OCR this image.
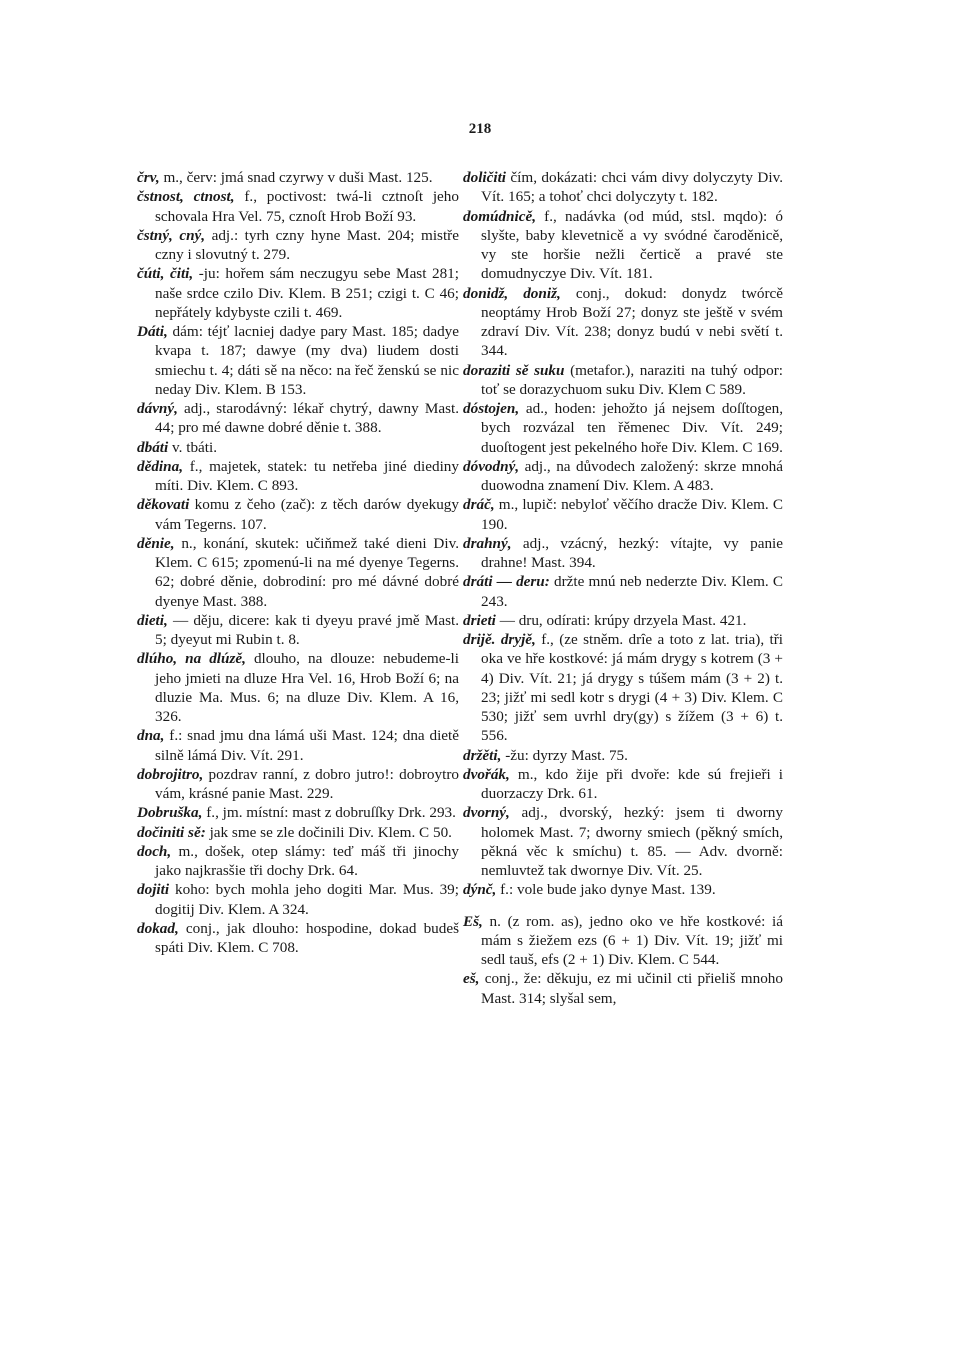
218
črv, m., červ: jmá snad czyrwy v duši Mast. 125.
čstnost, ctnost, f., poctivost: twá-li cztnoſt jeho schovala Hra Vel. 75, cznoſt Hrob Boží 93.
čstný, cný, adj.: tyrh czny hyne Mast. 204; mistře czny i slovutný t. 279.
čúti, čiti, -ju: hořem sám neczugyu sebe Mast 281; naše srdce czilo Div. Klem. B 251; czigi t. C 46; nepřátely kdybyste czili t. 469.
Dáti, dám: téjť lacniej dadye pary Mast. 185; dadye kvapa t. 187; dawye (my dva) liudem dosti smiechu t. 4; dáti sě na něco: na řeč ženskú se nic neday Div. Klem. B 153.
dávný, adj., starodávný: lékař chytrý, dawny Mast. 44; pro mé dawne dobré děnie t. 388.
dbáti v. tbáti.
dědina, f., majetek, statek: tu netřeba jiné diediny míti. Div. Klem. C 893.
děkovati komu z čeho (zač): z těch darów dyekugy vám Tegerns. 107.
děnie, n., konání, skutek: učiňmež také dieni Div. Klem. C 615; zpomenú-li na mé dyenye Tegerns. 62; dobré děnie, dobrodiní: pro mé dávné dobré dyenye Mast. 388.
dieti, — děju, dicere: kak ti dyeyu pravé jmě Mast. 5; dyeyut mi Rubin t. 8.
dlúho, na dlúzě, dlouho, na dlouze: nebudeme-li jeho jmieti na dluze Hra Vel. 16, Hrob Boží 6; na dluzie Ma. Mus. 6; na dluze Div. Klem. A 16, 326.
dna, f.: snad jmu dna lámá uši Mast. 124; dna dietě silně lámá Div. Vít. 291.
dobrojitro, pozdrav ranní, z dobro jutro!: dobroytro vám, krásné panie Mast. 229.
Dobruška, f., jm. místní: mast z dobruſſky Drk. 293.
dočiniti sě: jak sme se zle dočinili Div. Klem. C 50.
doch, m., došek, otep slámy: teď máš tři jinochy jako najkrasšie tři dochy Drk. 64.
dojiti koho: bych mohla jeho dogiti Mar. Mus. 39; dogitij Div. Klem. A 324.
dokad, conj., jak dlouho: hospodine, dokad budeš spáti Div. Klem. C 708.
doličiti čím, dokázati: chci vám divy dolyczyty Div. Vít. 165; a tohoť chci dolyczyty t. 182.
domúdnicě, f., nadávka (od múd, stsl. mqdo): ó slyšte, baby klevetnicě a vy svódné čarodě​nicě, vy ste horšie nežli čerticě a pravé ste domudnyczye Div. Vít. 181.
donidž, doniž, conj., dokud: donydz twórcě neoptámy Hrob Boží 27; donyz ste ještě v svém zdraví Div. Vít. 238; donyz budú v nebi světí t. 344.
doraziti sě suku (metafor.), naraziti na tuhý odpor: toť se dorazychuom suku Div. Klem C 589.
dóstojen, ad., hoden: jehožto já nejsem doſſtogen, bych rozvázal ten řěmenec Div. Vít. 249; duoſtogent jest pekelného hoře Div. Klem. C 169.
dóvodný, adj., na důvodech založený: skrze mnohá duowodna znamení Div. Klem. A 483.
dráč, m., lupič: nebyloť věčího dracže Div. Klem. C 190.
drahný, adj., vzácný, hezký: vítajte, vy panie drahne! Mast. 394.
dráti — deru: držte mnú neb nederzte Div. Klem. C 243.
drieti — dru, odírati: krúpy drzyela Mast. 421.
drijě. dryjě, f., (ze stněm. drîe a toto z lat. tria), tři oka ve hře kostkové: já mám drygy s kotrem (3 + 4) Div. Vít. 21; já drygy s túšem mám (3 + 2) t. 23; jižť mi sedl kotr s drygi (4 + 3) Div. Klem. C 530; jižť sem uvrhl dry(gy) s žížem (3 + 6) t. 556.
držěti, -žu: dyrzy Mast. 75.
dvořák, m., kdo žije při dvoře: kde sú frejieři i duorzaczy Drk. 61.
dvorný, adj., dvorský, hezký: jsem ti dworny holomek Mast. 7; dworny smiech (pěkný smích, pěkná věc k smíchu) t. 85. — Adv. dvorně: nemluvtež tak dwornye Div. Vít. 25.
dýnč, f.: vole bude jako dynye Mast. 139.
Eš, n. (z rom. as), jedno oko ve hře kostkové: iá mám s žiežem ezs (6 + 1) Div. Vít. 19; jižť mi sedl tauš, efs (2 + 1) Div. Klem. C 544.
eš, conj., že: děkuju, ez mi učinil cti přieliš mnoho Mast. 314; slyšal sem,
